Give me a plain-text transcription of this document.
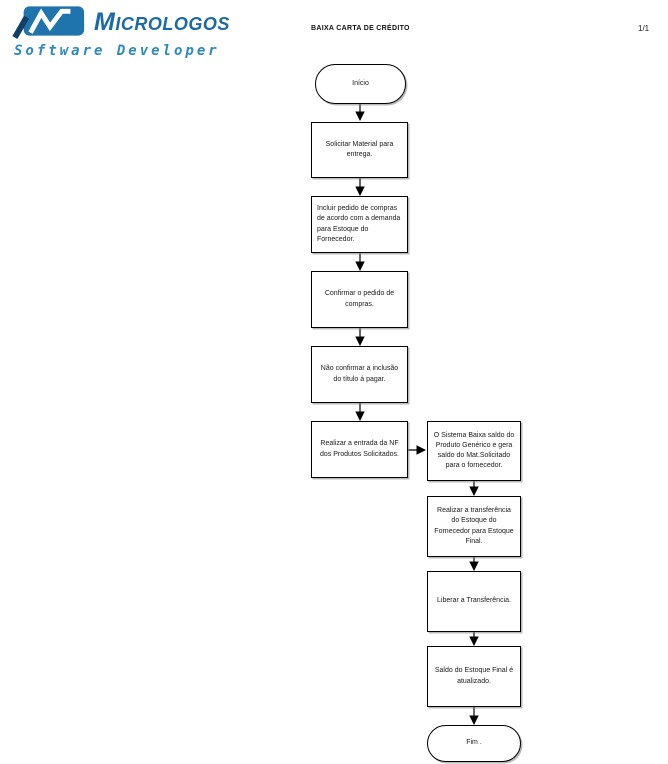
Micrologos
Software Developer
BAIXA CARTA DE CRÉDITO	1/1
Início
Solicitar Material para entrega.
Incluir pedido de compras de acordo com a demanda para Estoque do Fornecedor.
Confirmar o pedido de compras.
Não confirmar a inclusão do título á pagar.
Realizar a entrada da NF dos Produtos Solicitados.
O Sistema Baixa saldo do Produto Genérico e gera saldo do Mat.Solicitado para o fornecedor.
Realizar a transferência do Estoque do Fornecedor para Estoque Final.
Liberar a Transferência.
Saldo do Estoque Final é atualizado.
Fim .
